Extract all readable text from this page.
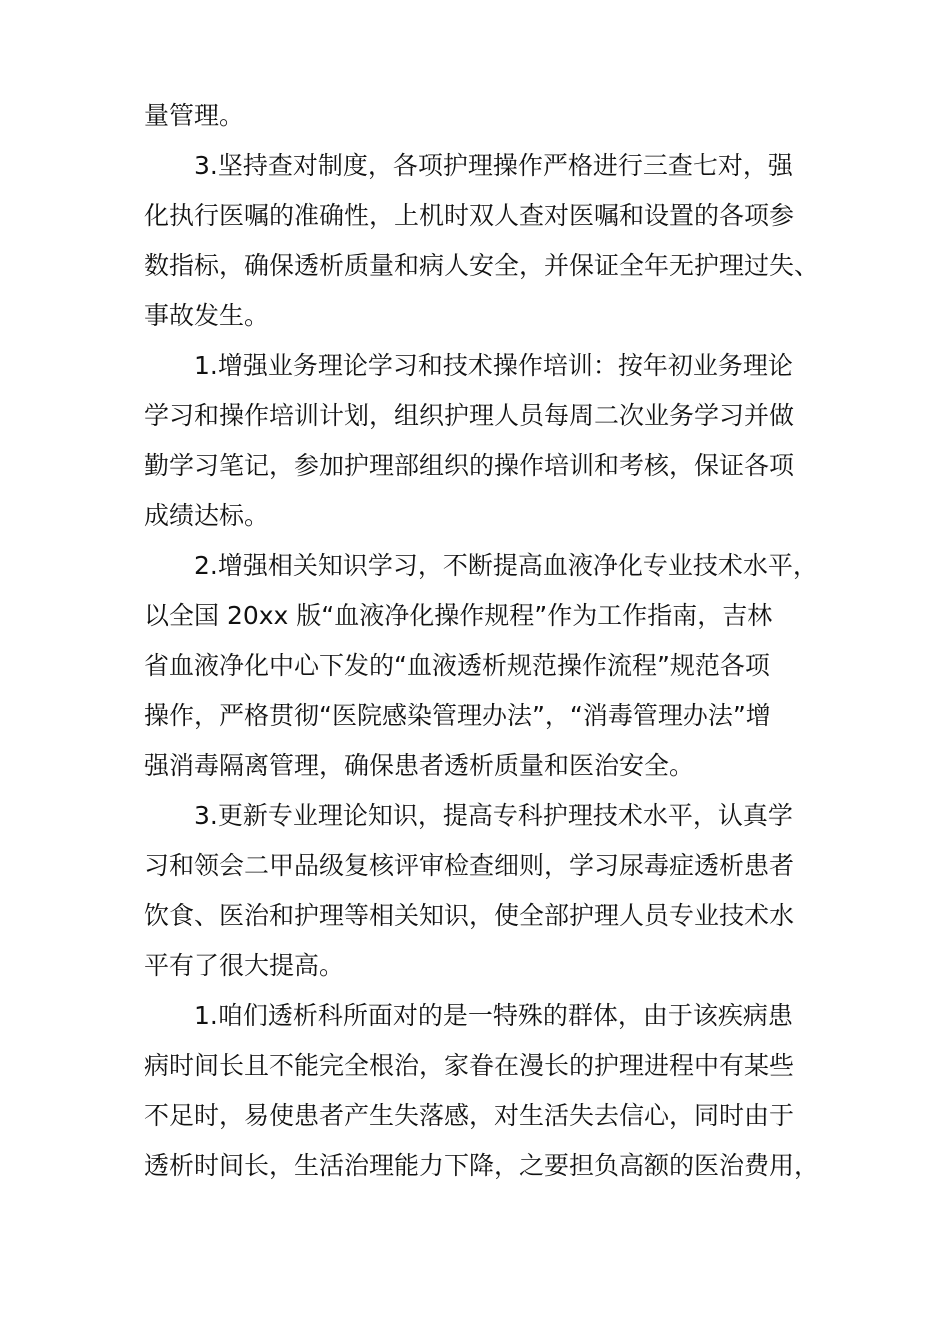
量管理。
3.坚持查对制度，各项护理操作严格进行三查七对，强
化执行医嘱的准确性，上机时双人查对医嘱和设置的各项参
数指标，确保透析质量和病人安全，并保证全年无护理过失、
事故发生。
1.增强业务理论学习和技术操作培训：按年初业务理论
学习和操作培训计划，组织护理人员每周二次业务学习并做
勤学习笔记，参加护理部组织的操作培训和考核，保证各项
成绩达标。
2.增强相关知识学习，不断提高血液净化专业技术水平，
以全国 20xx 版“血液净化操作规程”作为工作指南，吉林
省血液净化中心下发的“血液透析规范操作流程”规范各项
操作，严格贯彻“医院感染管理办法”，“消毒管理办法”增
强消毒隔离管理，确保患者透析质量和医治安全。
3.更新专业理论知识，提高专科护理技术水平，认真学
习和领会二甲品级复核评审检查细则，学习尿毒症透析患者
饮食、医治和护理等相关知识，使全部护理人员专业技术水
平有了很大提高。
1.咱们透析科所面对的是一特殊的群体，由于该疾病患
病时间长且不能完全根治，家眷在漫长的护理进程中有某些
不足时，易使患者产生失落感，对生活失去信心，同时由于
透析时间长，生活治理能力下降，之要担负高额的医治费用，
